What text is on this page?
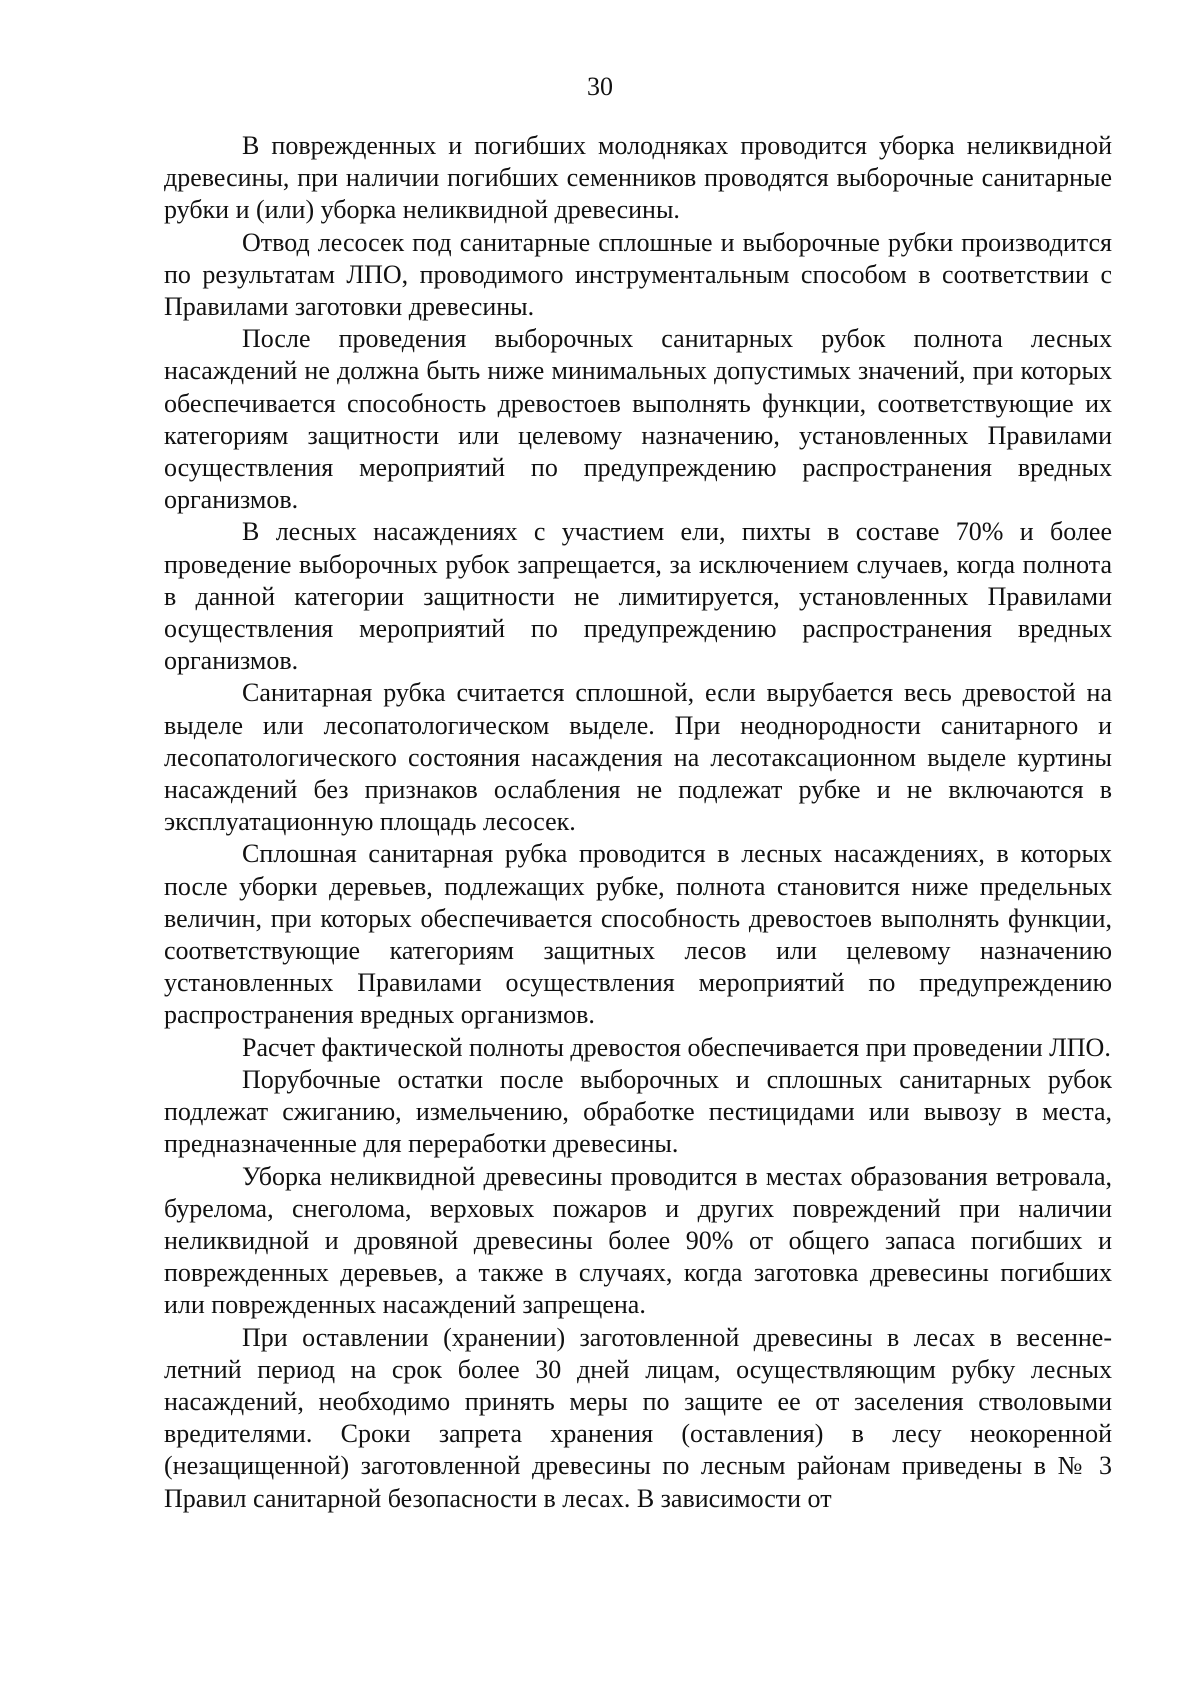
30

В поврежденных и погибших молодняках проводится уборка неликвидной древесины, при наличии погибших семенников проводятся выборочные санитарные рубки и (или) уборка неликвидной древесины.

Отвод лесосек под санитарные сплошные и выборочные рубки производится по результатам ЛПО, проводимого инструментальным способом в соответствии с Правилами заготовки древесины.

После проведения выборочных санитарных рубок полнота лесных насаждений не должна быть ниже минимальных допустимых значений, при которых обеспечивается способность древостоев выполнять функции, соответствующие их категориям защитности или целевому назначению, установленных Правилами осуществления мероприятий по предупреждению распространения вредных организмов.

В лесных насаждениях с участием ели, пихты в составе 70% и более проведение выборочных рубок запрещается, за исключением случаев, когда полнота в данной категории защитности не лимитируется, установленных Правилами осуществления мероприятий по предупреждению распространения вредных организмов.

Санитарная рубка считается сплошной, если вырубается весь древостой на выделе или лесопатологическом выделе. При неоднородности санитарного и лесопатологического состояния насаждения на лесотаксационном выделе куртины насаждений без признаков ослабления не подлежат рубке и не включаются в эксплуатационную площадь лесосек.

Сплошная санитарная рубка проводится в лесных насаждениях, в которых после уборки деревьев, подлежащих рубке, полнота становится ниже предельных величин, при которых обеспечивается способность древостоев выполнять функции, соответствующие категориям защитных лесов или целевому назначению установленных Правилами осуществления мероприятий по предупреждению распространения вредных организмов.

Расчет фактической полноты древостоя обеспечивается при проведении ЛПО.

Порубочные остатки после выборочных и сплошных санитарных рубок подлежат сжиганию, измельчению, обработке пестицидами или вывозу в места, предназначенные для переработки древесины.

Уборка неликвидной древесины проводится в местах образования ветровала, бурелома, снеголома, верховых пожаров и других повреждений при наличии неликвидной и дровяной древесины более 90% от общего запаса погибших и поврежденных деревьев, а также в случаях, когда заготовка древесины погибших или поврежденных насаждений запрещена.

При оставлении (хранении) заготовленной древесины в лесах в весенне-летний период на срок более 30 дней лицам, осуществляющим рубку лесных насаждений, необходимо принять меры по защите ее от заселения стволовыми вредителями. Сроки запрета хранения (оставления) в лесу неокоренной (незащищенной) заготовленной древесины по лесным районам приведены в № 3 Правил санитарной безопасности в лесах. В зависимости от
